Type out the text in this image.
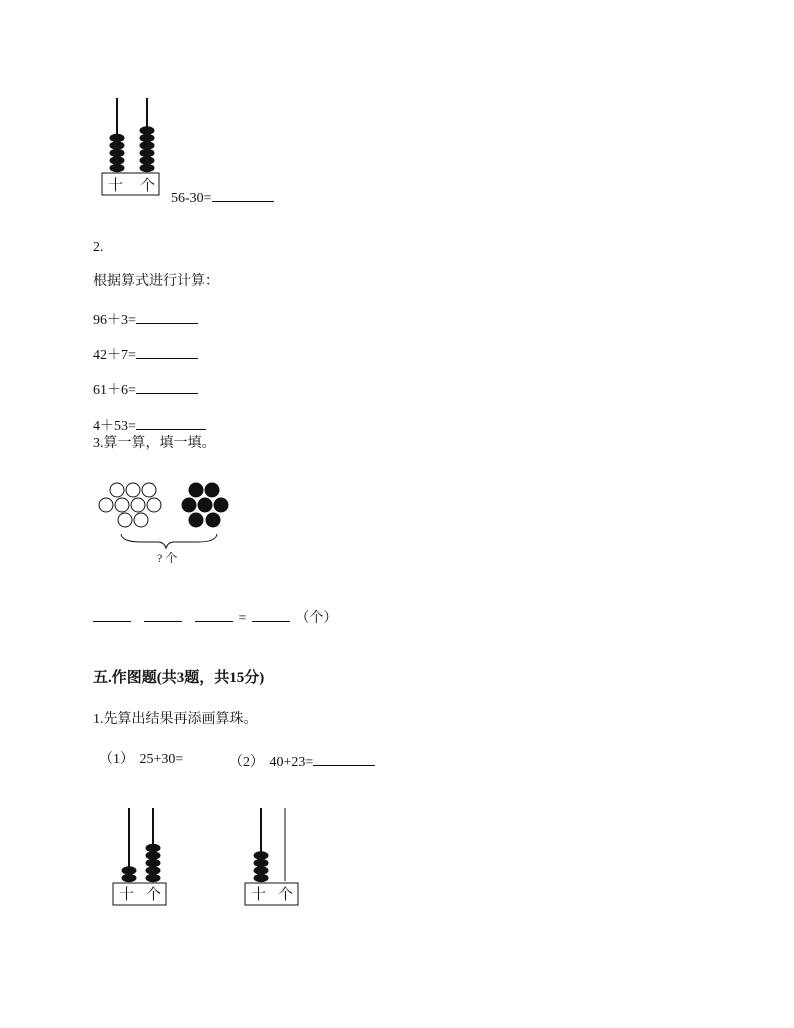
十 个
56-30=
2.
根据算式进行计算：
96＋3=
42＋7=
61＋6=
4＋53=
3.算一算，填一填。
? 个
=	（个）
五.作图题(共3题，共15分)
1.先算出结果再添画算珠。
（1） 25+30=	（2） 40+23=
十 个	十 个
